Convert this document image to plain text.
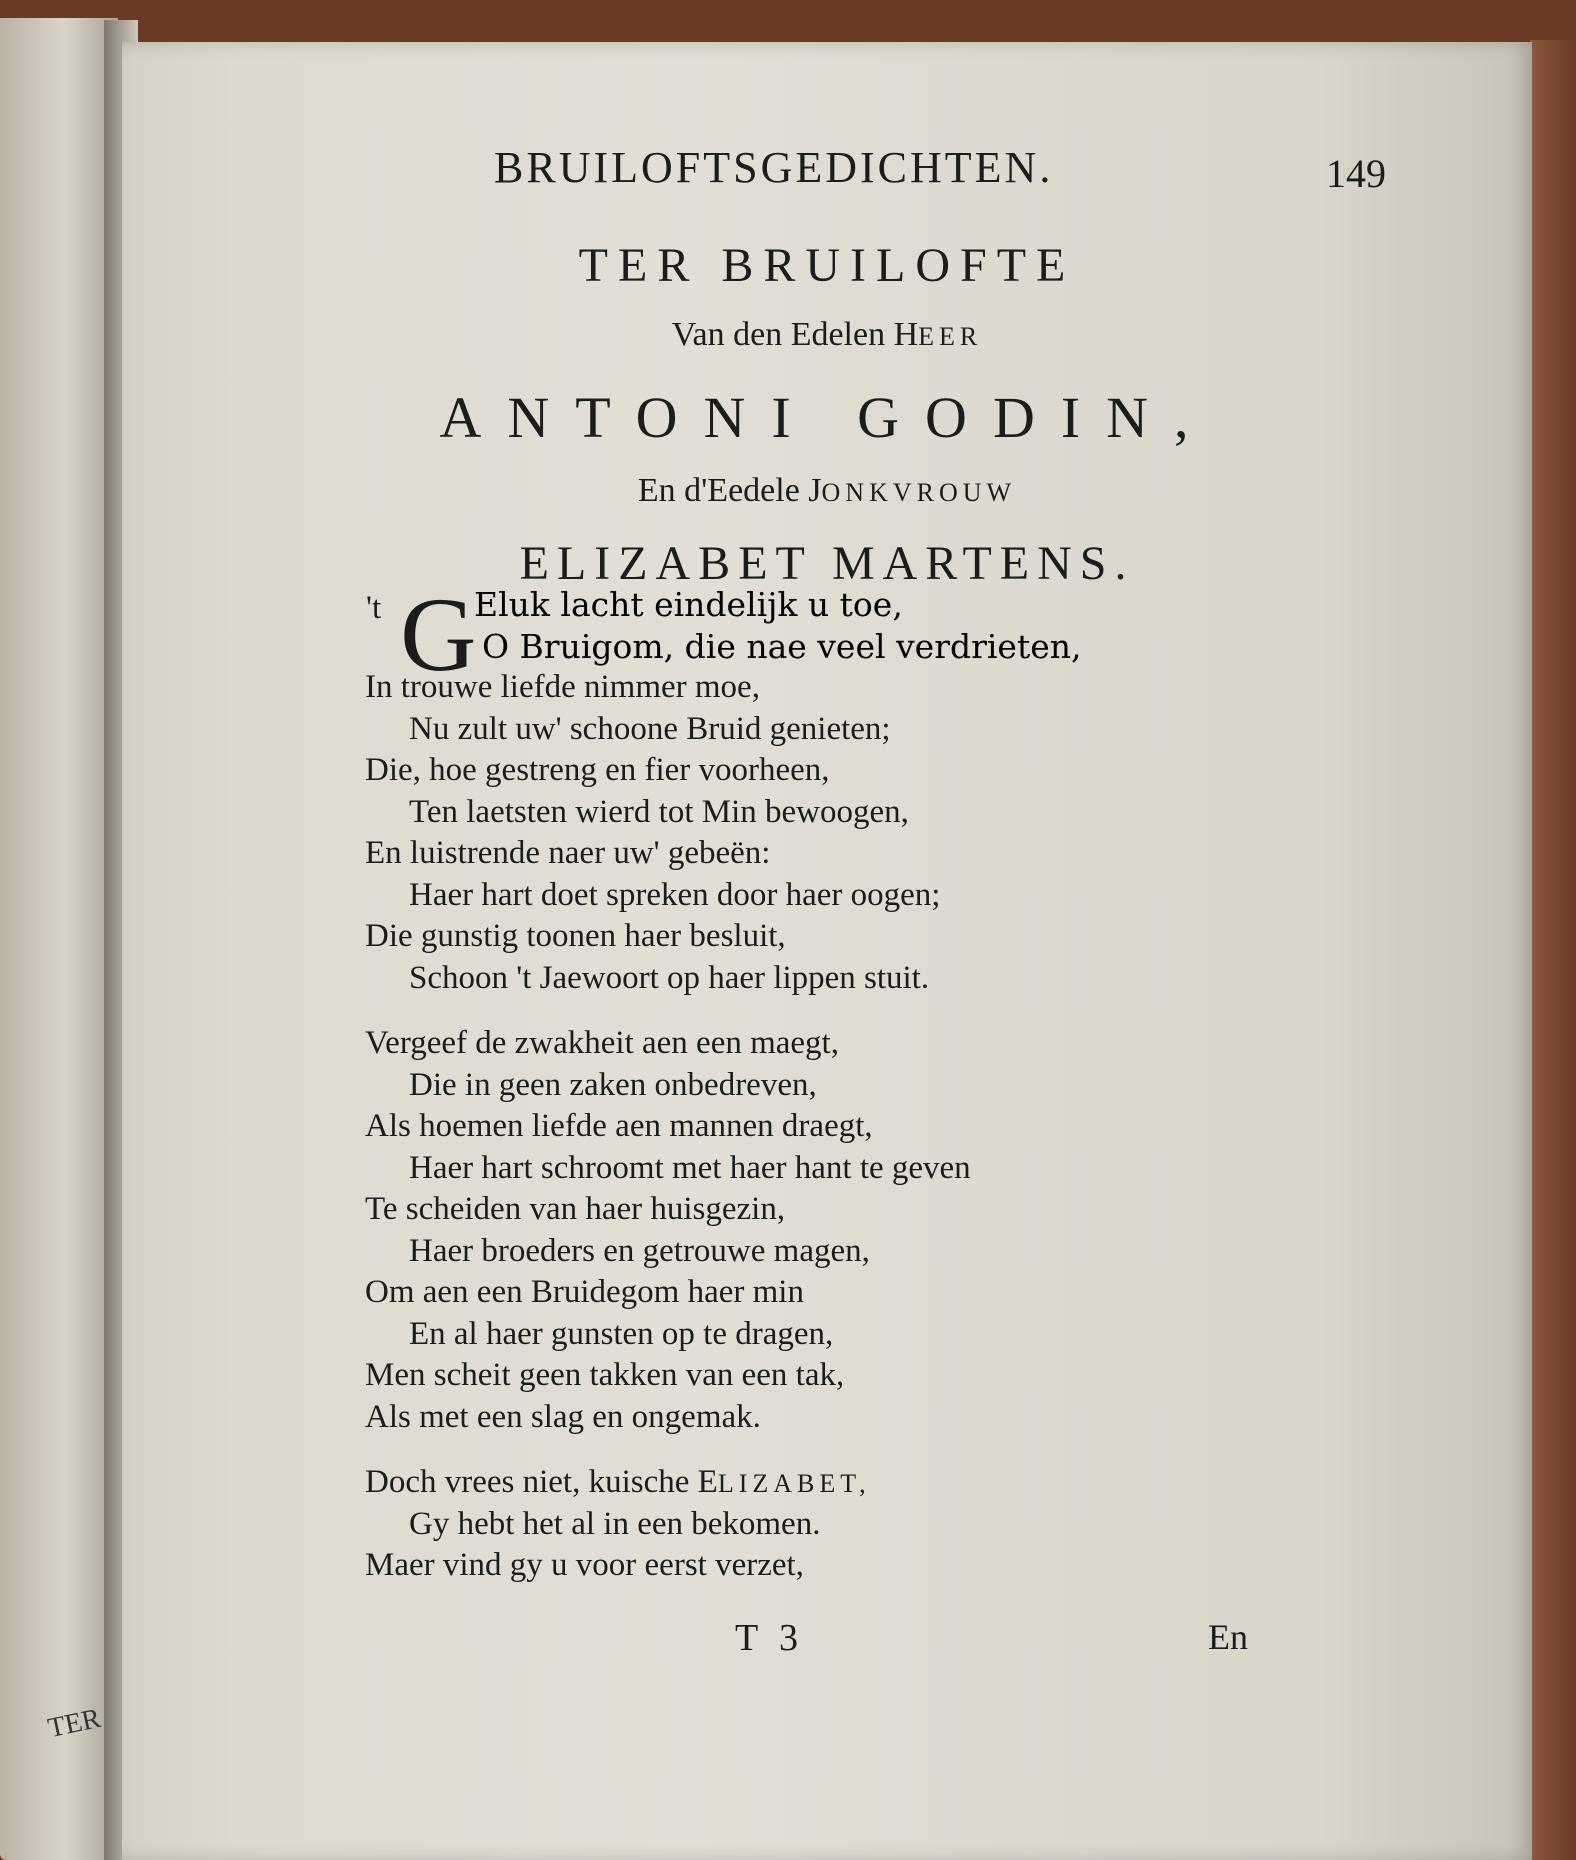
TER
BRUILOFTSGEDICHTEN.	149
TER BRUILOFTE
Van den Edelen HEER
ANTONI GODIN,
En d'Eedele JONKVROUW
ELIZABET MARTENS.
't G
Eluk lacht eindelijk u toe,
O Bruigom, die nae veel verdrieten,
In trouwe liefde nimmer moe,
Nu zult uw' schoone Bruid genieten;
Die, hoe gestreng en fier voorheen,
Ten laetsten wierd tot Min bewoogen,
En luistrende naer uw' gebeën:
Haer hart doet spreken door haer oogen;
Die gunstig toonen haer besluit,
Schoon 't Jaewoort op haer lippen stuit.
Vergeef de zwakheit aen een maegt,
Die in geen zaken onbedreven,
Als hoemen liefde aen mannen draegt,
Haer hart schroomt met haer hant te geven
Te scheiden van haer huisgezin,
Haer broeders en getrouwe magen,
Om aen een Bruidegom haer min
En al haer gunsten op te dragen,
Men scheit geen takken van een tak,
Als met een slag en ongemak.
Doch vrees niet, kuische ELIZABET,
Gy hebt het al in een bekomen.
Maer vind gy u voor eerst verzet,
T 3	En
